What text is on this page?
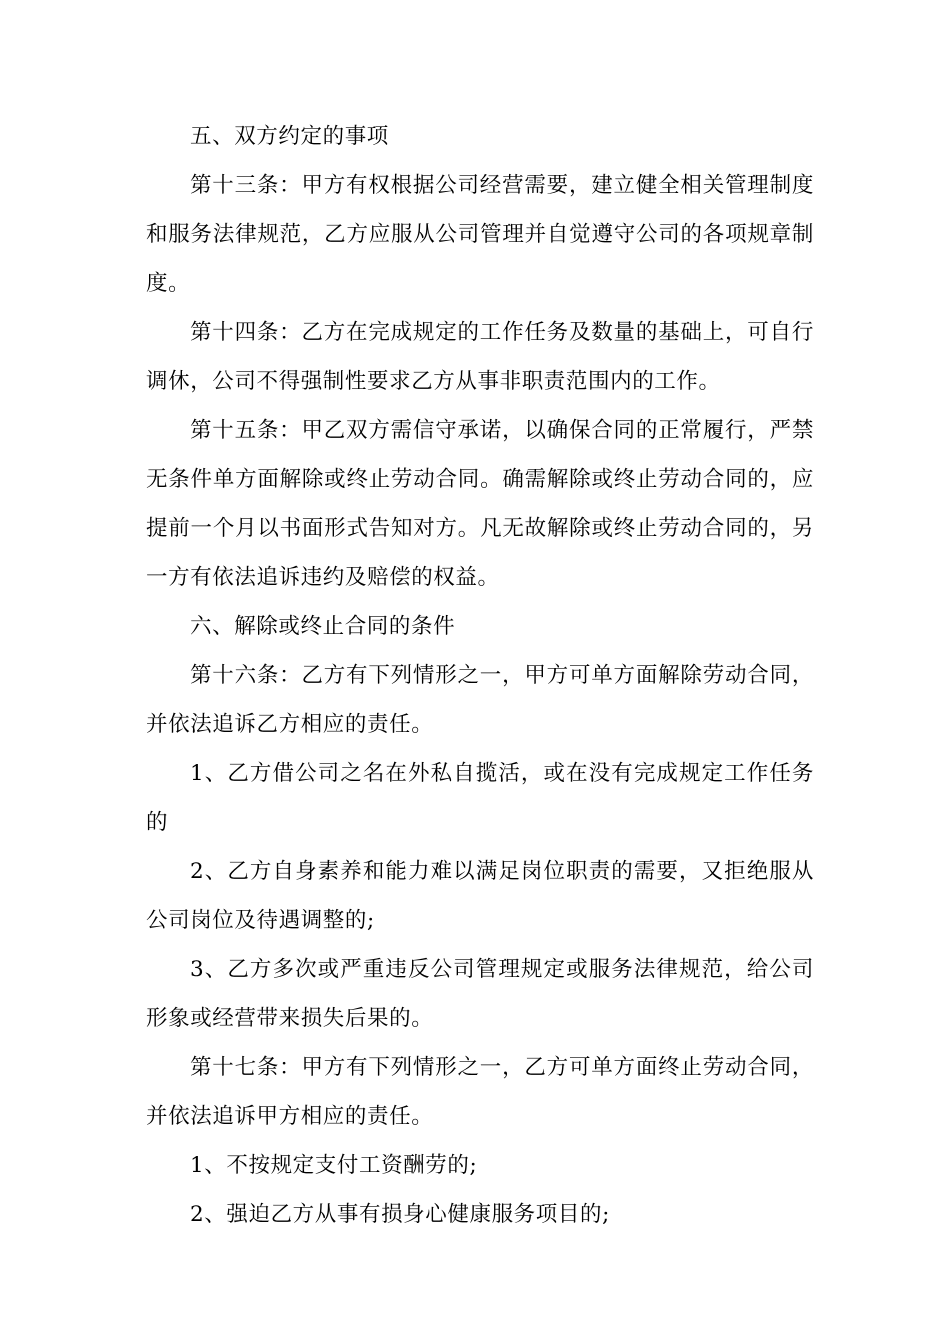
五、双方约定的事项

第十三条：甲方有权根据公司经营需要，建立健全相关管理制度和服务法律规范，乙方应服从公司管理并自觉遵守公司的各项规章制度。

第十四条：乙方在完成规定的工作任务及数量的基础上，可自行调休，公司不得强制性要求乙方从事非职责范围内的工作。

第十五条：甲乙双方需信守承诺，以确保合同的正常履行，严禁无条件单方面解除或终止劳动合同。确需解除或终止劳动合同的，应提前一个月以书面形式告知对方。凡无故解除或终止劳动合同的，另一方有依法追诉违约及赔偿的权益。

六、解除或终止合同的条件

第十六条：乙方有下列情形之一，甲方可单方面解除劳动合同，并依法追诉乙方相应的责任。

1、乙方借公司之名在外私自揽活，或在没有完成规定工作任务的

2、乙方自身素养和能力难以满足岗位职责的需要，又拒绝服从公司岗位及待遇调整的;

3、乙方多次或严重违反公司管理规定或服务法律规范，给公司形象或经营带来损失后果的。

第十七条：甲方有下列情形之一，乙方可单方面终止劳动合同，并依法追诉甲方相应的责任。

1、不按规定支付工资酬劳的;

2、强迫乙方从事有损身心健康服务项目的;
